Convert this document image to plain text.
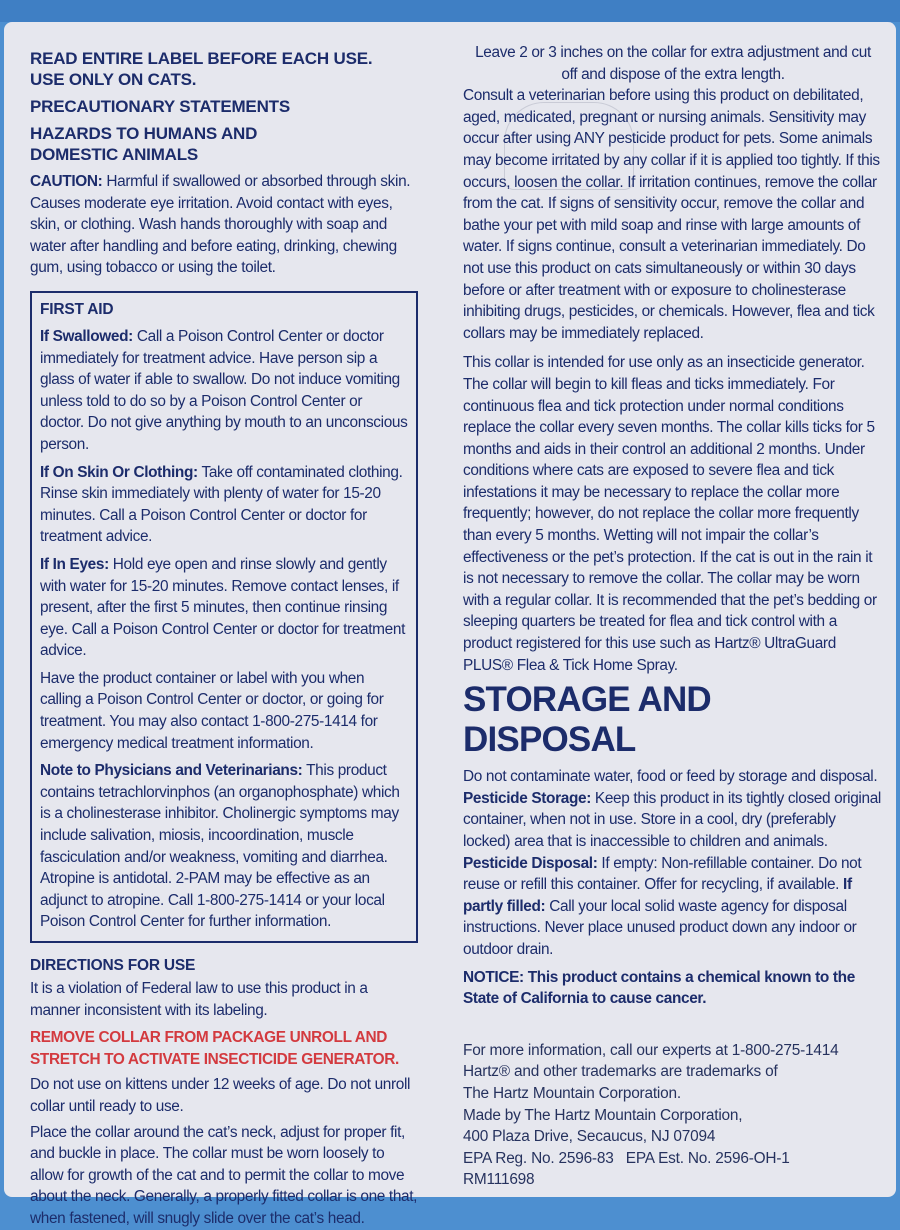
READ ENTIRE LABEL BEFORE EACH USE.
USE ONLY ON CATS.
PRECAUTIONARY STATEMENTS
HAZARDS TO HUMANS AND
DOMESTIC ANIMALS

CAUTION: Harmful if swallowed or absorbed through skin. Causes moderate eye irritation. Avoid contact with eyes, skin, or clothing. Wash hands thoroughly with soap and water after handling and before eating, drinking, chewing gum, using tobacco or using the toilet.

FIRST AID

If Swallowed: Call a Poison Control Center or doctor immediately for treatment advice. Have person sip a glass of water if able to swallow. Do not induce vomiting unless told to do so by a Poison Control Center or doctor. Do not give anything by mouth to an unconscious person.

If On Skin Or Clothing: Take off contaminated clothing. Rinse skin immediately with plenty of water for 15-20 minutes. Call a Poison Control Center or doctor for treatment advice.

If In Eyes: Hold eye open and rinse slowly and gently with water for 15-20 minutes. Remove contact lenses, if present, after the first 5 minutes, then continue rinsing eye. Call a Poison Control Center or doctor for treatment advice.

Have the product container or label with you when calling a Poison Control Center or doctor, or going for treatment. You may also contact 1-800-275-1414 for emergency medical treatment information.

Note to Physicians and Veterinarians: This product contains tetrachlorvinphos (an organophosphate) which is a cholinesterase inhibitor. Cholinergic symptoms may include salivation, miosis, incoordination, muscle fasciculation and/or weakness, vomiting and diarrhea. Atropine is antidotal. 2-PAM may be effective as an adjunct to atropine. Call 1-800-275-1414 or your local Poison Control Center for further information.

DIRECTIONS FOR USE

It is a violation of Federal law to use this product in a manner inconsistent with its labeling.

REMOVE COLLAR FROM PACKAGE UNROLL AND STRETCH TO ACTIVATE INSECTICIDE GENERATOR.

Do not use on kittens under 12 weeks of age. Do not unroll collar until ready to use.

Place the collar around the cat’s neck, adjust for proper fit, and buckle in place. The collar must be worn loosely to allow for growth of the cat and to permit the collar to move about the neck. Generally, a properly fitted collar is one that, when fastened, will snugly slide over the cat’s head.

Leave 2 or 3 inches on the collar for extra adjustment and cut off and dispose of the extra length.

Consult a veterinarian before using this product on debilitated, aged, medicated, pregnant or nursing animals. Sensitivity may occur after using ANY pesticide product for pets. Some animals may become irritated by any collar if it is applied too tightly. If this occurs, loosen the collar. If irritation continues, remove the collar from the cat. If signs of sensitivity occur, remove the collar and bathe your pet with mild soap and rinse with large amounts of water. If signs continue, consult a veterinarian immediately. Do not use this product on cats simultaneously or within 30 days before or after treatment with or exposure to cholinesterase inhibiting drugs, pesticides, or chemicals. However, flea and tick collars may be immediately replaced.

This collar is intended for use only as an insecticide generator. The collar will begin to kill fleas and ticks immediately. For continuous flea and tick protection under normal conditions replace the collar every seven months. The collar kills ticks for 5 months and aids in their control an additional 2 months. Under conditions where cats are exposed to severe flea and tick infestations it may be necessary to replace the collar more frequently; however, do not replace the collar more frequently than every 5 months. Wetting will not impair the collar’s effectiveness or the pet’s protection. If the cat is out in the rain it is not necessary to remove the collar. The collar may be worn with a regular collar. It is recommended that the pet’s bedding or sleeping quarters be treated for flea and tick control with a product registered for this use such as Hartz® UltraGuard PLUS® Flea & Tick Home Spray.

STORAGE AND DISPOSAL

Do not contaminate water, food or feed by storage and disposal. Pesticide Storage: Keep this product in its tightly closed original container, when not in use. Store in a cool, dry (preferably locked) area that is inaccessible to children and animals. Pesticide Disposal: If empty: Non-refillable container. Do not reuse or refill this container. Offer for recycling, if available. If partly filled: Call your local solid waste agency for disposal instructions. Never place unused product down any indoor or outdoor drain.

NOTICE: This product contains a chemical known to the State of California to cause cancer.

For more information, call our experts at 1-800-275-1414
Hartz® and other trademarks are trademarks of
The Hartz Mountain Corporation.
Made by The Hartz Mountain Corporation,
400 Plaza Drive, Secaucus, NJ 07094
EPA Reg. No. 2596-83   EPA Est. No. 2596-OH-1
RM111698
